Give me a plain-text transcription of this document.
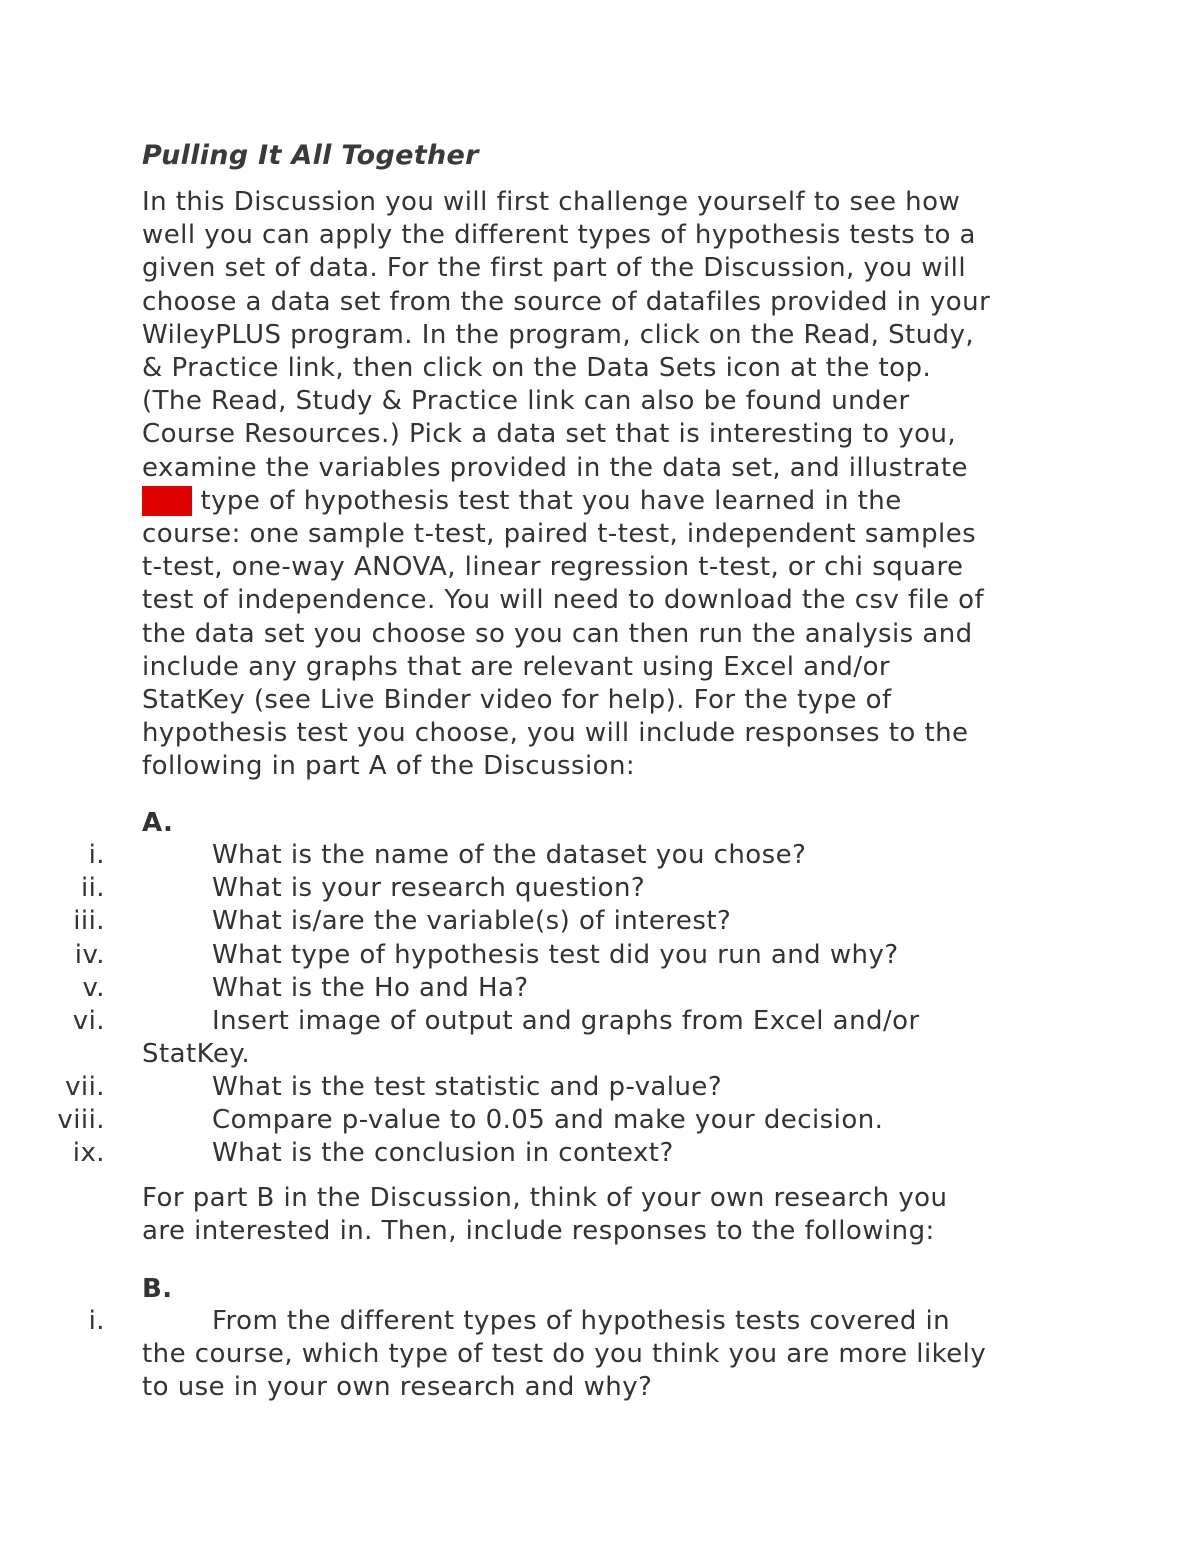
Pulling It All Together
In this Discussion you will first challenge yourself to see how
well you can apply the different types of hypothesis tests to a
given set of data. For the first part of the Discussion, you will
choose a data set from the source of datafiles provided in your
WileyPLUS program. In the program, click on the Read, Study,
& Practice link, then click on the Data Sets icon at the top.
(The Read, Study & Practice link can also be found under
Course Resources.) Pick a data set that is interesting to you,
examine the variables provided in the data set, and illustrate
one type of hypothesis test that you have learned in the
course: one sample t-test, paired t-test, independent samples
t-test, one-way ANOVA, linear regression t-test, or chi square
test of independence. You will need to download the csv file of
the data set you choose so you can then run the analysis and
include any graphs that are relevant using Excel and/or
StatKey (see Live Binder video for help). For the type of
hypothesis test you choose, you will include responses to the
following in part A of the Discussion:
A.
i.	What is the name of the dataset you chose?
ii.	What is your research question?
iii.	What is/are the variable(s) of interest?
iv.	What type of hypothesis test did you run and why?
v.	What is the Ho and Ha?
vi.	Insert image of output and graphs from Excel and/or
StatKey.
vii.	What is the test statistic and p-value?
viii.	Compare p-value to 0.05 and make your decision.
ix.	What is the conclusion in context?
For part B in the Discussion, think of your own research you
are interested in. Then, include responses to the following:
B.
i.	From the different types of hypothesis tests covered in
the course, which type of test do you think you are more likely
to use in your own research and why?
